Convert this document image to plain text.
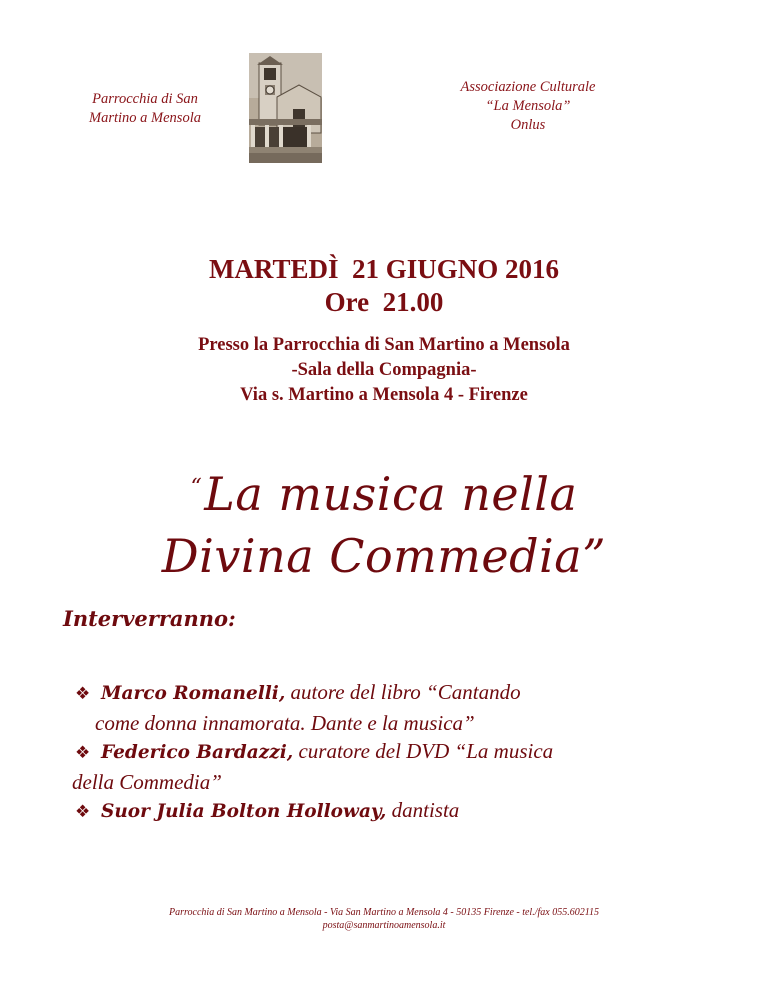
Parrocchia di San
Martino a Mensola
Associazione Culturale
“La Mensola”
Onlus
MARTEDÌ  21 GIUGNO 2016
Ore  21.00
Presso la Parrocchia di San Martino a Mensola
-Sala della Compagnia-
Via s. Martino a Mensola 4 - Firenze
“La musica nella
Divina Commedia”
Interverranno:

❖ Marco Romanelli, autore del libro “Cantando

come donna innamorata. Dante e la musica”

❖ Federico Bardazzi, curatore del DVD “La musica

della Commedia”

❖ Suor Julia Bolton Holloway, dantista

Parrocchia di San Martino a Mensola - Via San Martino a Mensola 4 - 50135 Firenze - tel./fax 055.602115
posta@sanmartinoamensola.it
